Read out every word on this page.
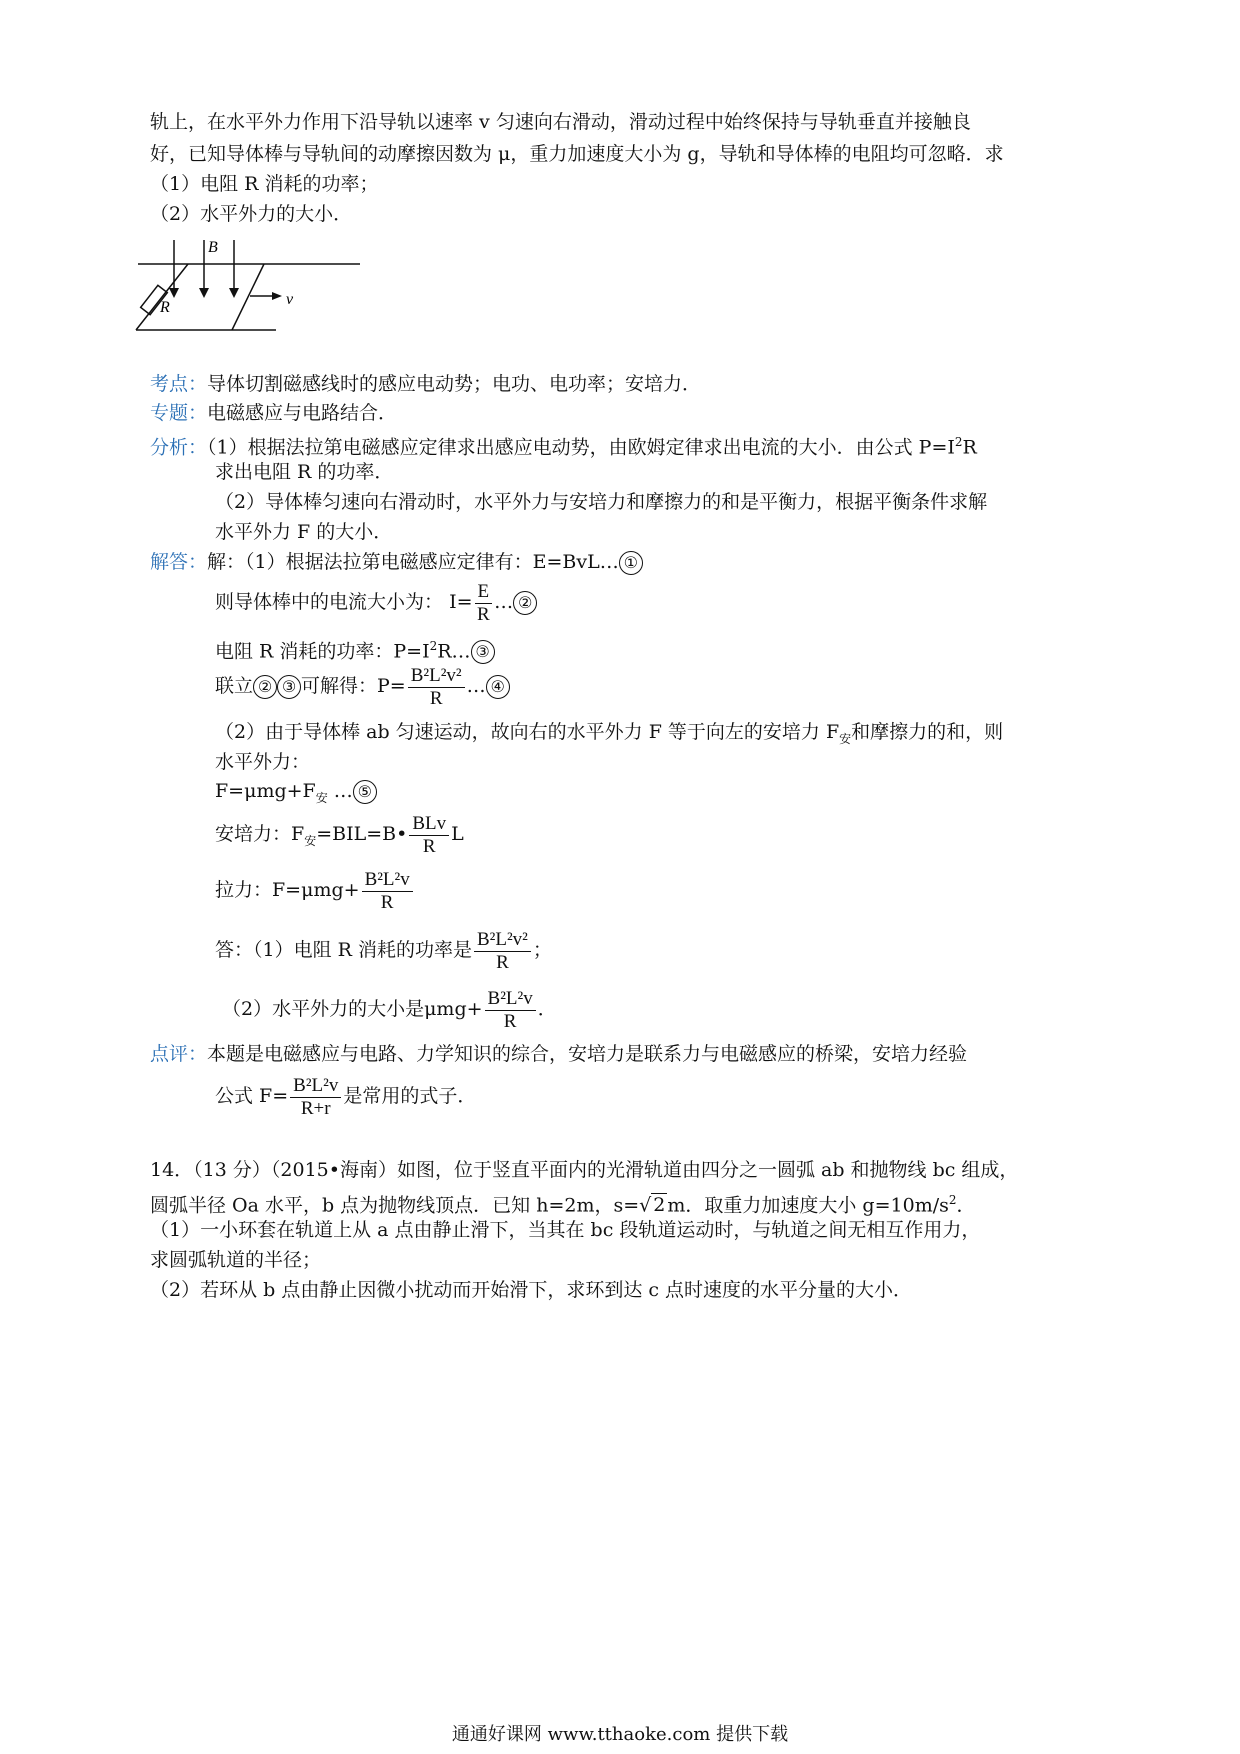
轨上，在水平外力作用下沿导轨以速率 v 匀速向右滑动，滑动过程中始终保持与导轨垂直并接触良
好，已知导体棒与导轨间的动摩擦因数为 μ，重力加速度大小为 g，导轨和导体棒的电阻均可忽略．求
（1）电阻 R 消耗的功率；
（2）水平外力的大小．
B
R	v
考点：导体切割磁感线时的感应电动势；电功、电功率；安培力．
专题：电磁感应与电路结合．
分析：（1）根据法拉第电磁感应定律求出感应电动势，由欧姆定律求出电流的大小．由公式 $P=I^2R$
求出电阻 R 的功率．
（2）导体棒匀速向右滑动时，水平外力与安培力和摩擦力的和是平衡力，根据平衡条件求解
水平外力 F 的大小．
解答：解：（1）根据法拉第电磁感应定律有：E=BvL… ①
则导体棒中的电流大小为： $I= \frac{E}{R}$ … ②
电阻 R 消耗的功率：$P=I^2R\dots$ ③
联立 ② ③ 可解得：$P= \frac{\text{B²L²v²}}{R}$ … ④
（2）由于导体棒 ab 匀速运动，故向右的水平外力 F 等于向左的安培力 $F_安$和摩擦力的和，则
水平外力：
$F=\mu mg+F_安$ … ⑤
安培力：$F_安=BIL=B• \frac{\text{BLv}}{R}$ L
拉力：$F=\mu mg+ \frac{\text{B²L²v}}{R}$
答：（1）电阻 R 消耗的功率是 $\frac{\text{B²L²v²}}{R}$ ；
（2）水平外力的大小是$\mu mg+ \frac{\text{B²L²v}}{R}$ ．
点评：本题是电磁感应与电路、力学知识的综合，安培力是联系力与电磁感应的桥梁，安培力经验
公式 $F= \frac{\text{B²L²v}}{R+r}$ 是常用的式子．
14．（13 分）（2015•海南）如图，位于竖直平面内的光滑轨道由四分之一圆弧 ab 和抛物线 bc 组成，
圆弧半径 Oa 水平，b 点为抛物线顶点．已知 h=2m，s=√ 2 m．取重力加速度大小 $g=10m/s^2$．
（1）一小环套在轨道上从 a 点由静止滑下，当其在 bc 段轨道运动时，与轨道之间无相互作用力，
求圆弧轨道的半径；
（2）若环从 b 点由静止因微小扰动而开始滑下，求环到达 c 点时速度的水平分量的大小．
通通好课网 www.tthaoke.com 提供下载
